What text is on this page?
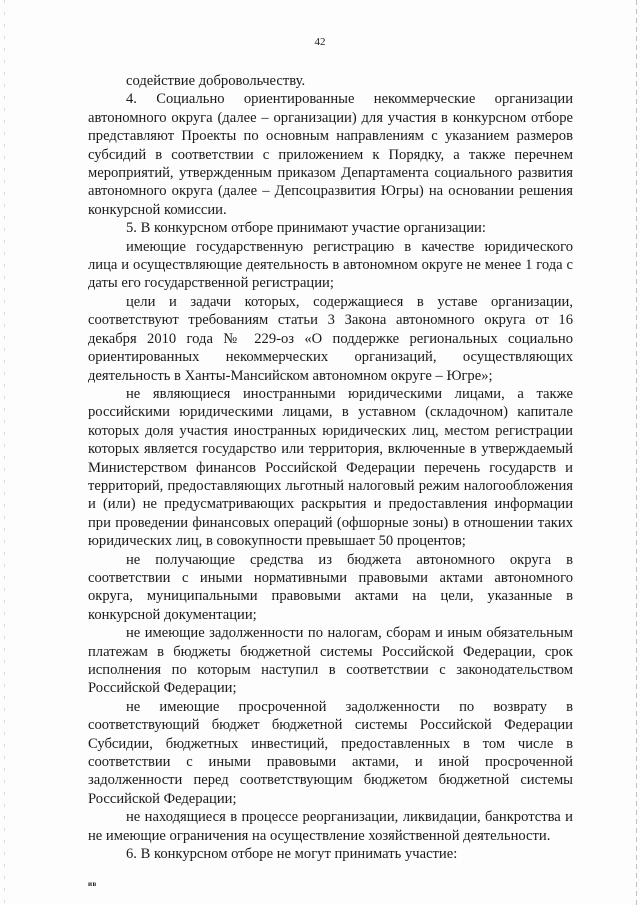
42

содействие добровольчеству.

4. Социально ориентированные некоммерческие организации автономного округа (далее – организации) для участия в конкурсном отборе представляют Проекты по основным направлениям с указанием размеров субсидий в соответствии с приложением к Порядку, а также перечнем мероприятий, утвержденным приказом Департамента социального развития автономного округа (далее – Депсоцразвития Югры) на основании решения конкурсной комиссии.

5. В конкурсном отборе принимают участие организации:

имеющие государственную регистрацию в качестве юридического лица и осуществляющие деятельность в автономном округе не менее 1 года с даты его государственной регистрации;

цели и задачи которых, содержащиеся в уставе организации, соответствуют требованиям статьи 3 Закона автономного округа от 16 декабря 2010 года № 229-оз «О поддержке региональных социально ориентированных некоммерческих организаций, осуществляющих деятельность в Ханты-Мансийском автономном округе – Югре»;

не являющиеся иностранными юридическими лицами, а также российскими юридическими лицами, в уставном (складочном) капитале которых доля участия иностранных юридических лиц, местом регистрации которых является государство или территория, включенные в утверждаемый Министерством финансов Российской Федерации перечень государств и территорий, предоставляющих льготный налоговый режим налогообложения и (или) не предусматривающих раскрытия и предоставления информации при проведении финансовых операций (офшорные зоны) в отношении таких юридических лиц, в совокупности превышает 50 процентов;

не получающие средства из бюджета автономного округа в соответствии с иными нормативными правовыми актами автономного округа, муниципальными правовыми актами на цели, указанные в конкурсной документации;

не имеющие задолженности по налогам, сборам и иным обязательным платежам в бюджеты бюджетной системы Российской Федерации, срок исполнения по которым наступил в соответствии с законодательством Российской Федерации;

не имеющие просроченной задолженности по возврату в соответствующий бюджет бюджетной системы Российской Федерации Субсидии, бюджетных инвестиций, предоставленных в том числе в соответствии с иными правовыми актами, и иной просроченной задолженности перед соответствующим бюджетом бюджетной системы Российской Федерации;

не находящиеся в процессе реорганизации, ликвидации, банкротства и не имеющие ограничения на осуществление хозяйственной деятельности.

6. В конкурсном отборе не могут принимать участие:

ив
